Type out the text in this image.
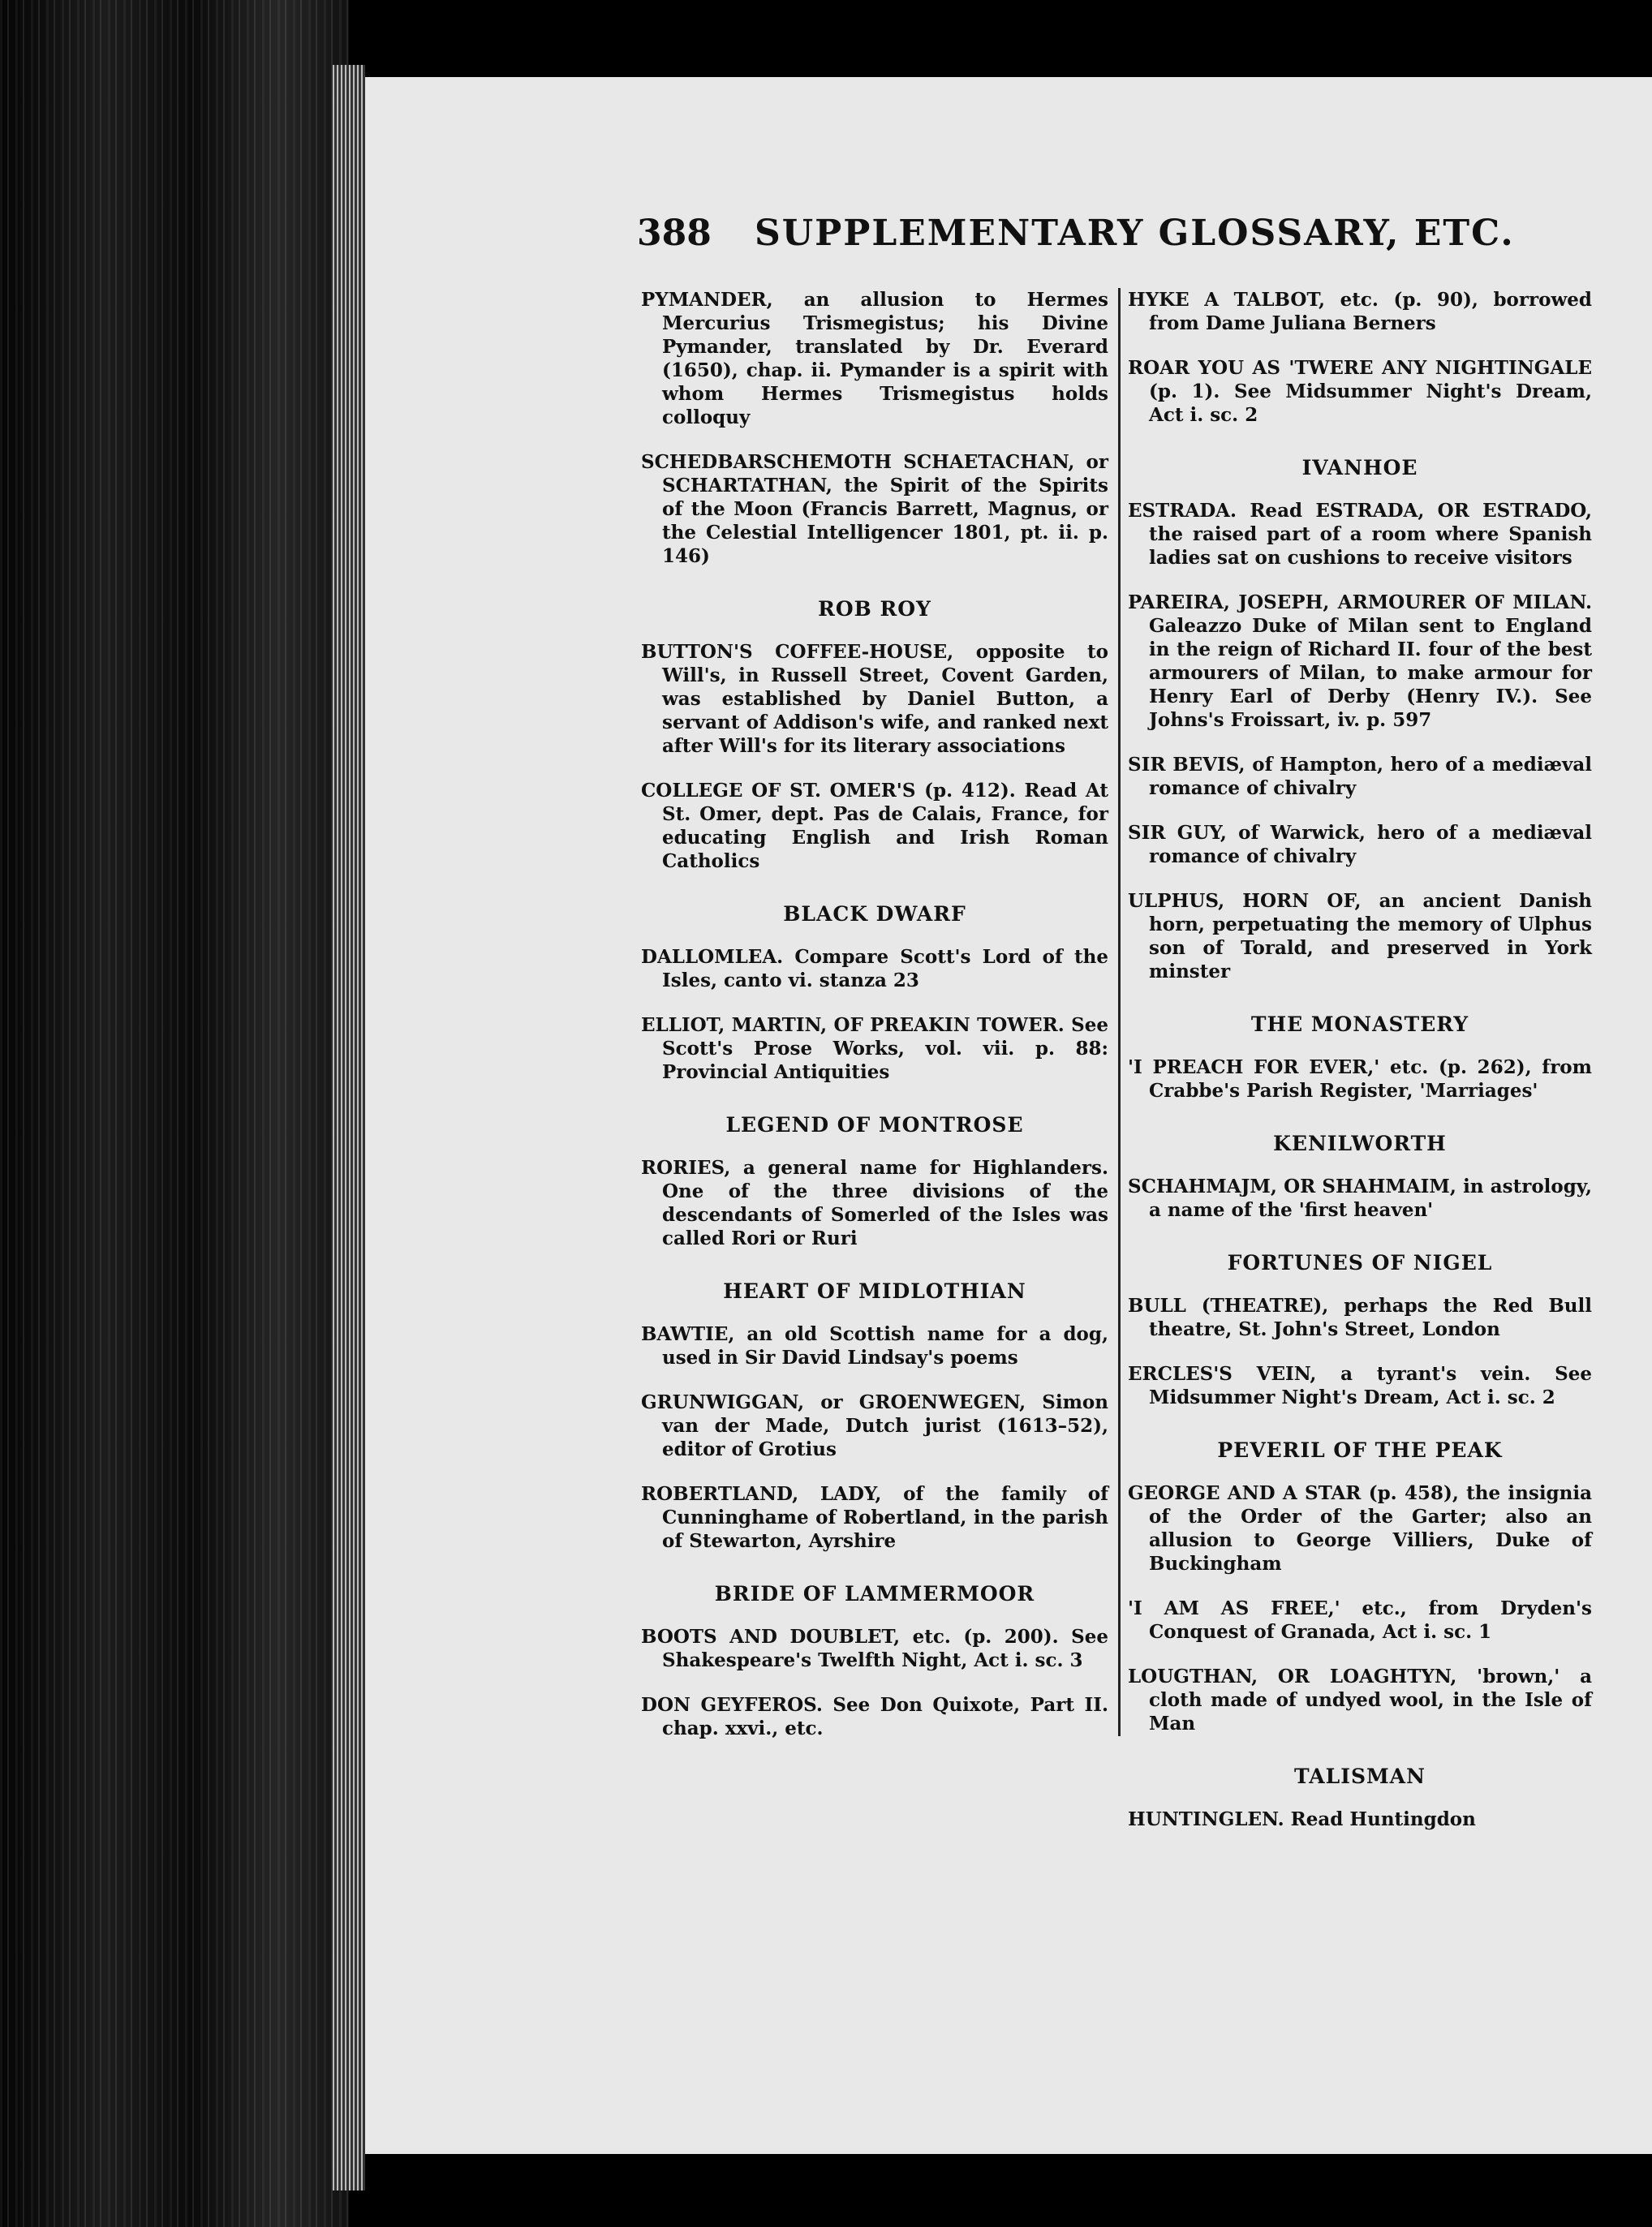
388 SUPPLEMENTARY GLOSSARY, ETC.
PYMANDER, an allusion to Hermes Mercurius Trismegistus; his Divine Pymander, translated by Dr. Everard (1650), chap. ii. Pymander is a spirit with whom Hermes Trismegistus holds colloquy
SCHEDBARSCHEMOTH SCHAETACHAN, or SCHARTATHAN, the Spirit of the Spirits of the Moon (Francis Barrett, Magnus, or the Celestial Intelligencer 1801, pt. ii. p. 146)
ROB ROY
BUTTON'S COFFEE-HOUSE, opposite to Will's, in Russell Street, Covent Garden, was established by Daniel Button, a servant of Addison's wife, and ranked next after Will's for its literary associations
COLLEGE OF ST. OMER'S (p. 412). Read At St. Omer, dept. Pas de Calais, France, for educating English and Irish Roman Catholics
BLACK DWARF
DALLOMLEA. Compare Scott's Lord of the Isles, canto vi. stanza 23
ELLIOT, MARTIN, OF PREAKIN TOWER. See Scott's Prose Works, vol. vii. p. 88: Provincial Antiquities
LEGEND OF MONTROSE
RORIES, a general name for Highlanders. One of the three divisions of the descendants of Somerled of the Isles was called Rori or Ruri
HEART OF MIDLOTHIAN
BAWTIE, an old Scottish name for a dog, used in Sir David Lindsay's poems
GRUNWIGGAN, or GROENWEGEN, Simon van der Made, Dutch jurist (1613–52), editor of Grotius
ROBERTLAND, LADY, of the family of Cunninghame of Robertland, in the parish of Stewarton, Ayrshire
BRIDE OF LAMMERMOOR
BOOTS AND DOUBLET, etc. (p. 200). See Shakespeare's Twelfth Night, Act i. sc. 3
DON GEYFEROS. See Don Quixote, Part II. chap. xxvi., etc.
HYKE A TALBOT, etc. (p. 90), borrowed from Dame Juliana Berners
ROAR YOU AS 'TWERE ANY NIGHTINGALE (p. 1). See Midsummer Night's Dream, Act i. sc. 2
IVANHOE
ESTRADA. Read ESTRADA, OR ESTRADO, the raised part of a room where Spanish ladies sat on cushions to receive visitors
PAREIRA, JOSEPH, ARMOURER OF MILAN. Galeazzo Duke of Milan sent to England in the reign of Richard II. four of the best armourers of Milan, to make armour for Henry Earl of Derby (Henry IV.). See Johns's Froissart, iv. p. 597
SIR BEVIS, of Hampton, hero of a mediæval romance of chivalry
SIR GUY, of Warwick, hero of a mediæval romance of chivalry
ULPHUS, HORN OF, an ancient Danish horn, perpetuating the memory of Ulphus son of Torald, and preserved in York minster
THE MONASTERY
'I PREACH FOR EVER,' etc. (p. 262), from Crabbe's Parish Register, 'Marriages'
KENILWORTH
SCHAHMAJM, OR SHAHMAIM, in astrology, a name of the 'first heaven'
FORTUNES OF NIGEL
BULL (THEATRE), perhaps the Red Bull theatre, St. John's Street, London
ERCLES'S VEIN, a tyrant's vein. See Midsummer Night's Dream, Act i. sc. 2
PEVERIL OF THE PEAK
GEORGE AND A STAR (p. 458), the insignia of the Order of the Garter; also an allusion to George Villiers, Duke of Buckingham
'I AM AS FREE,' etc., from Dryden's Conquest of Granada, Act i. sc. 1
LOUGTHAN, OR LOAGHTYN, 'brown,' a cloth made of undyed wool, in the Isle of Man
TALISMAN
HUNTINGLEN. Read Huntingdon
